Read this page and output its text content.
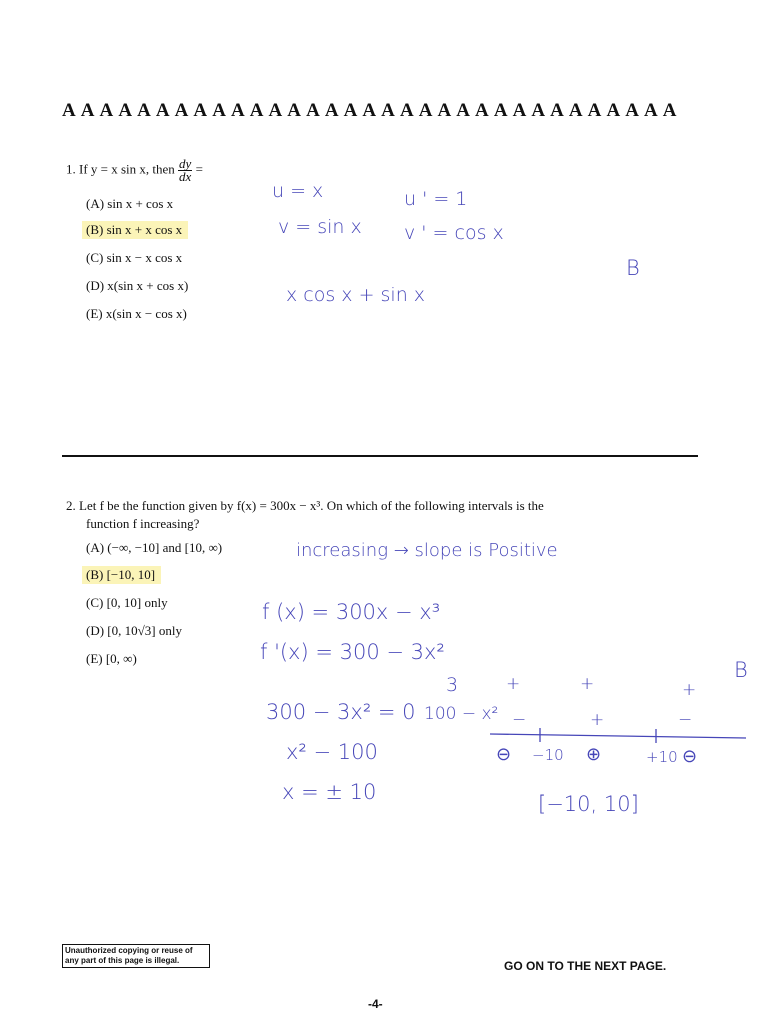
A A A A A A A A A A A A A A A A A A A A A A A A A A A A A A A A A
1. If y = x sin x, then $\frac{dy}{dx}$ =
(A) sin x + cos x
(B) sin x + x cos x
(C) sin x − x cos x
(D) x(sin x + cos x)
(E) x(sin x − cos x)
u = x	u ' = 1
v = sin x v ' = cos x
x cos x + sin x
B
2. Let f be the function given by f(x) = 300x − x³. On which of the following intervals is the
function f increasing?
(A) (−∞, −10] and [10, ∞)
(B) [−10, 10]
(C) [0, 10] only
(D) [0, 10√3] only
(E) [0, ∞)
increasing → slope is Positive
f (x) = 300x − x³
f '(x) = 300 − 3x²
3
300 − 3x² = 0 100 − x²
x² − 100
x = ± 10
B
+	+	+
−	+	−
⊖ −10 ⊕	+10 ⊖
[−10, 10]
Unauthorized copying or reuse of any part of this page is illegal.	GO ON TO THE NEXT PAGE.
-4-
